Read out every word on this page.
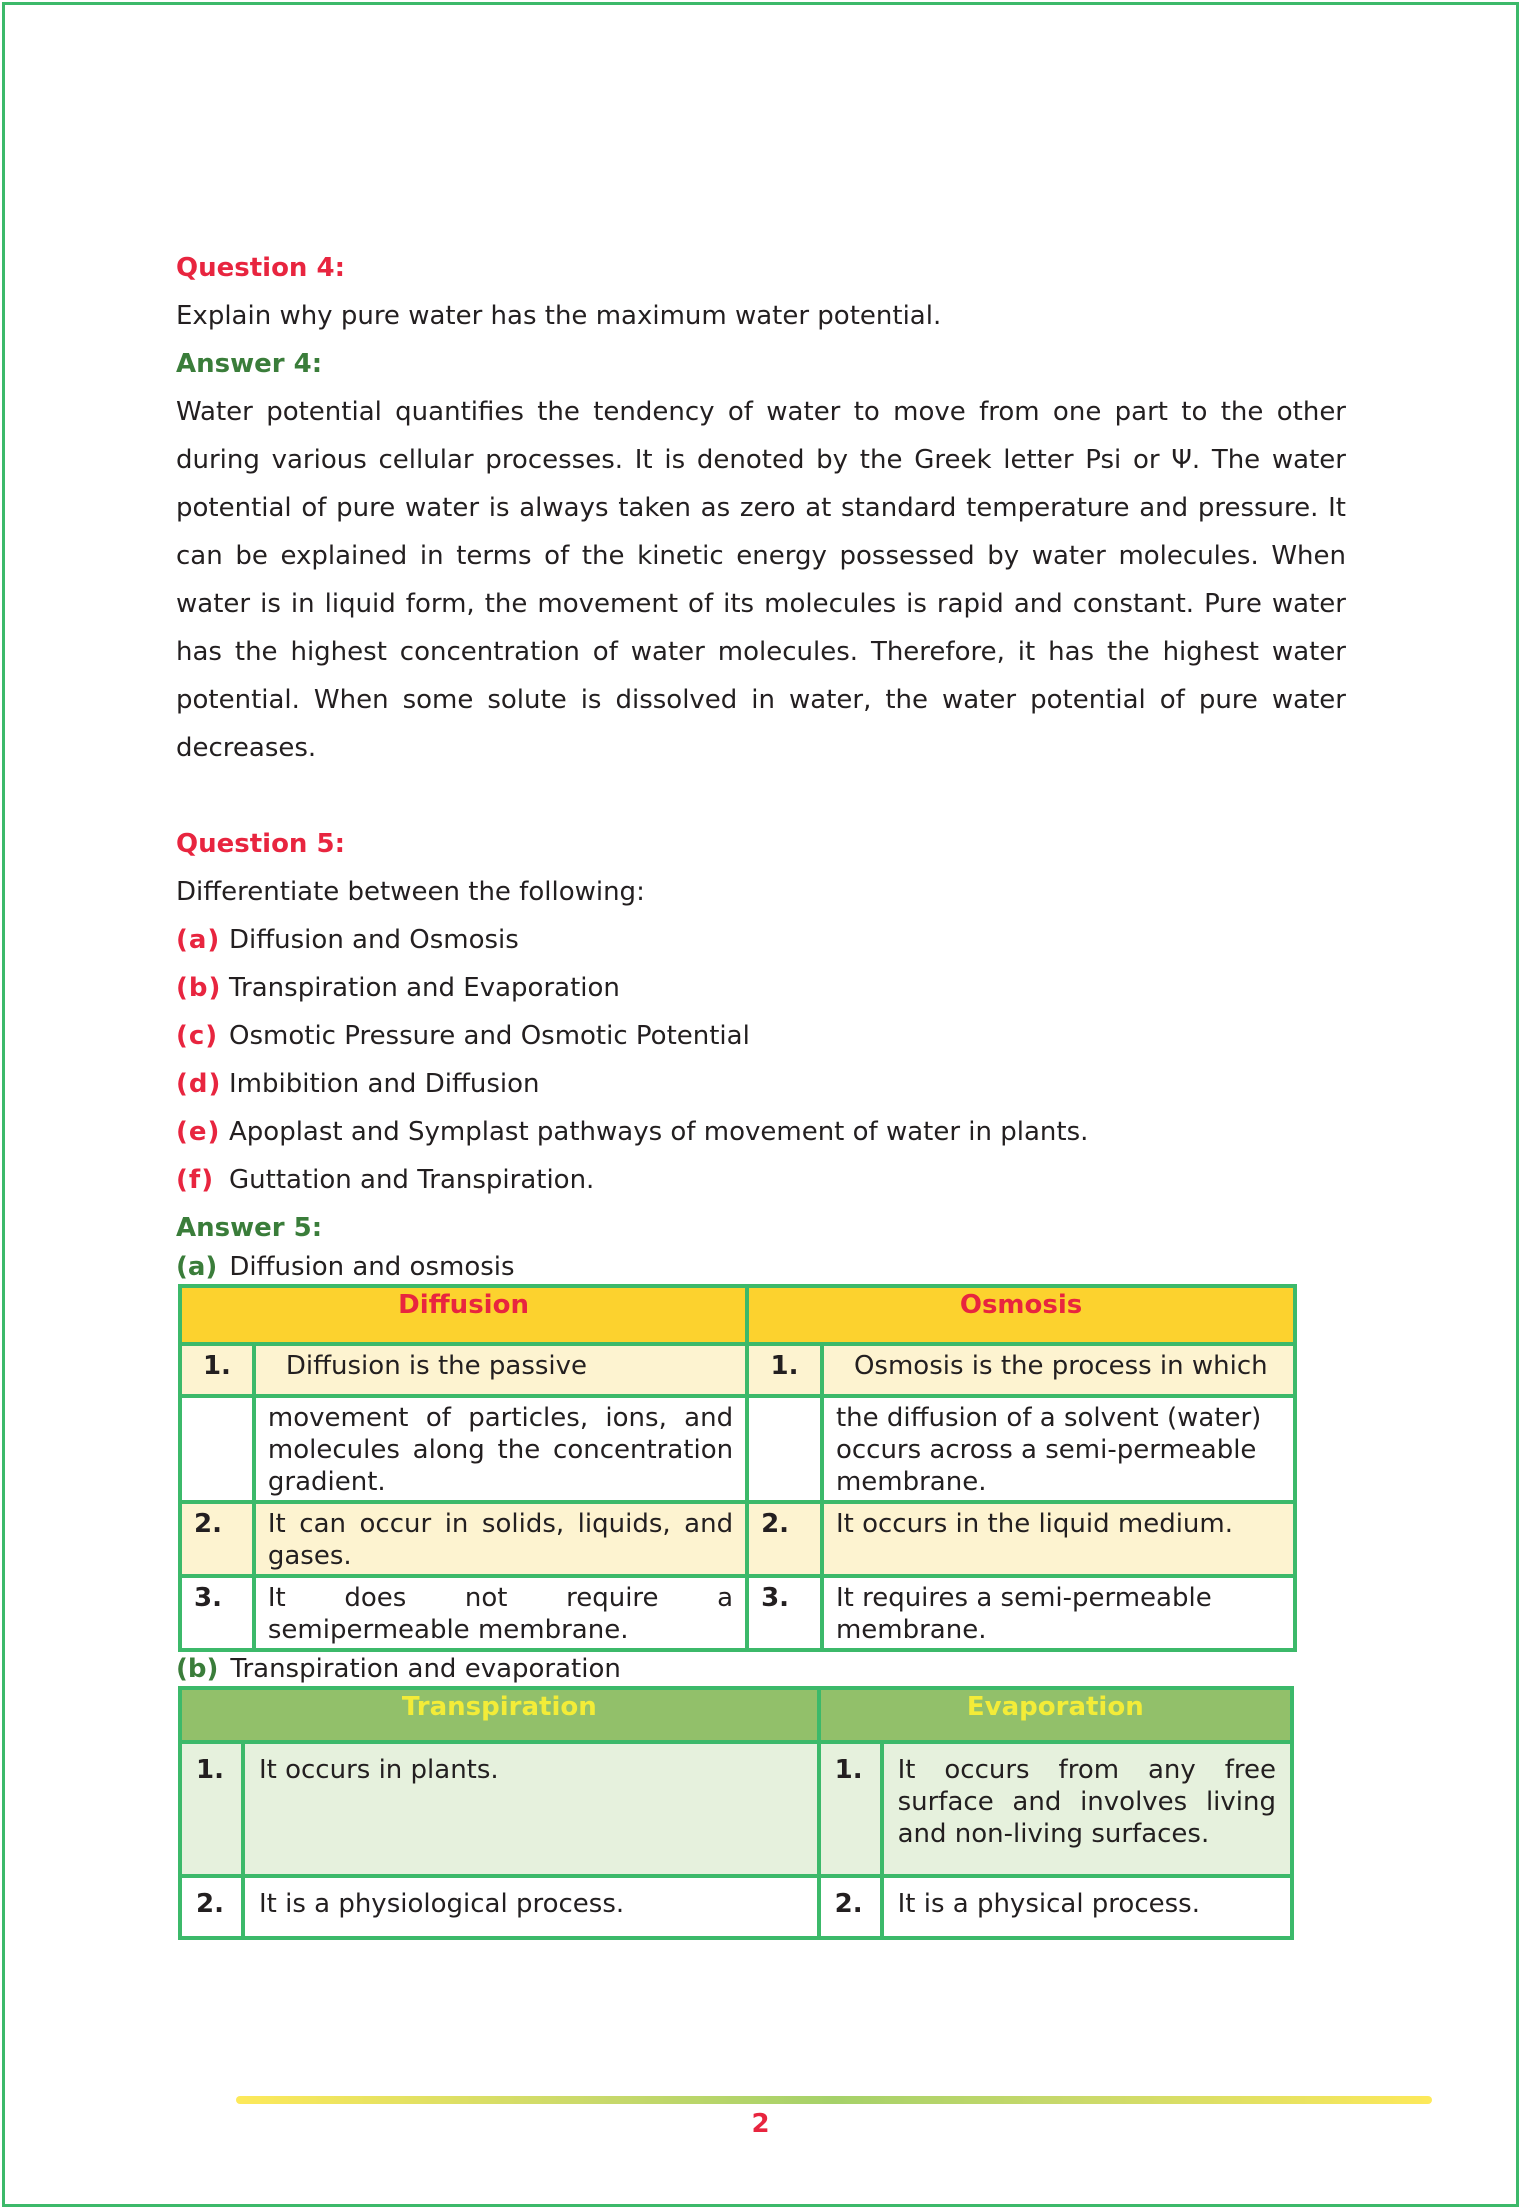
Question 4:
Explain why pure water has the maximum water potential.
Answer 4:
Water potential quantifies the tendency of water to move from one part to the other during various cellular processes. It is denoted by the Greek letter Psi or Ψ. The water potential of pure water is always taken as zero at standard temperature and pressure. It can be explained in terms of the kinetic energy possessed by water molecules. When water is in liquid form, the movement of its molecules is rapid and constant. Pure water has the highest concentration of water molecules. Therefore, it has the highest water potential. When some solute is dissolved in water, the water potential of pure water decreases.
Question 5:
Differentiate between the following:
(a) Diffusion and Osmosis
(b) Transpiration and Evaporation
(c) Osmotic Pressure and Osmotic Potential
(d) Imbibition and Diffusion
(e) Apoplast and Symplast pathways of movement of water in plants.
(f) Guttation and Transpiration.
Answer 5:
(a) Diffusion and osmosis
Diffusion		Osmosis	
1.	Diffusion is the passive	1.	Osmosis is the process in which
	movement of particles, ions, and molecules along the concentration gradient.		the diffusion of a solvent (water) occurs across a semi-permeable membrane.
2.	It can occur in solids, liquids, and gases.	2.	It occurs in the liquid medium.
3.	It does not require a semipermeable membrane.	3.	It requires a semi-permeable membrane.
(b) Transpiration and evaporation
Transpiration		Evaporation	
1.	It occurs in plants.	1.	It occurs from any free surface and involves living and non-living surfaces.
2.	It is a physiological process.	2.	It is a physical process.
2
